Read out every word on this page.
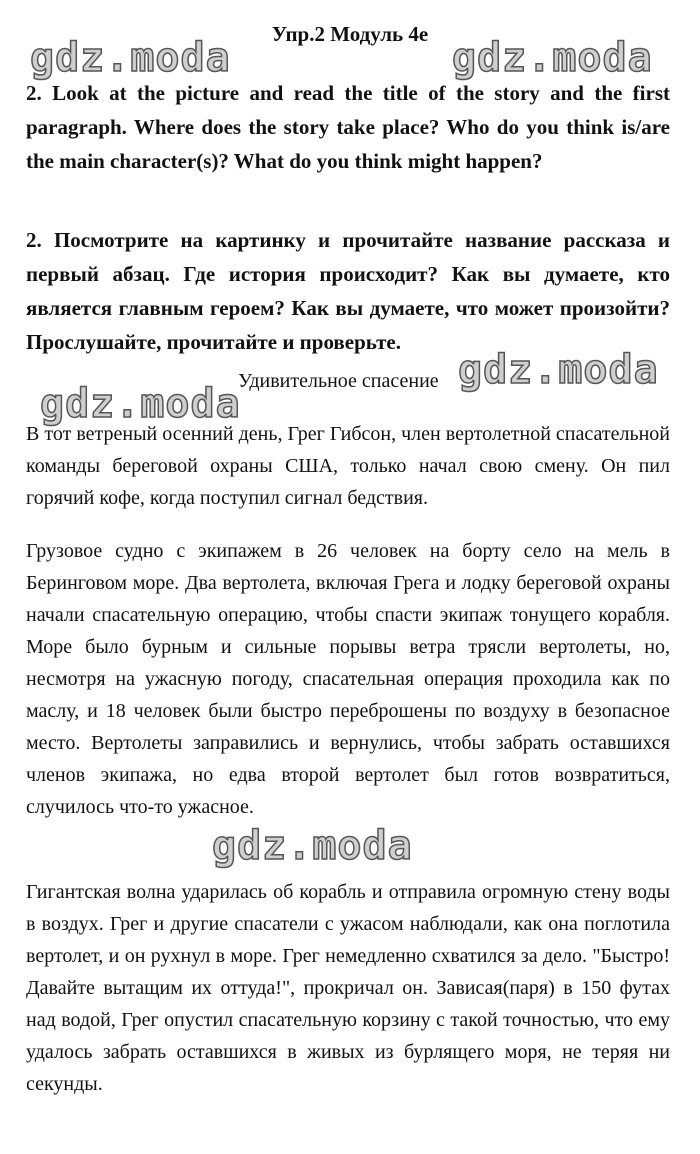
gdz.moda	gdz.moda
gdz.moda
gdz.moda
gdz.moda
Упр.2 Модуль 4е
2. Look at the picture and read the title of the story and the first paragraph. Where does the story take place? Who do you think is/are the main character(s)? What do you think might happen?
2. Посмотрите на картинку и прочитайте название рассказа и первый абзац. Где история происходит? Как вы думаете, кто является главным героем? Как вы думаете, что может произойти? Прослушайте, прочитайте и проверьте.
Удивительное спасение
В тот ветреный осенний день, Грег Гибсон, член вертолетной спасательной команды береговой охраны США, только начал свою смену. Он пил горячий кофе, когда поступил сигнал бедствия.
Грузовое судно с экипажем в 26 человек на борту село на мель в Беринговом море. Два вертолета, включая Грега и лодку береговой охраны начали спасательную операцию, чтобы спасти экипаж тонущего корабля. Море было бурным и сильные порывы ветра трясли вертолеты, но, несмотря на ужасную погоду, спасательная операция проходила как по маслу, и 18 человек были быстро переброшены по воздуху в безопасное место. Вертолеты заправились и вернулись, чтобы забрать оставшихся членов экипажа, но едва второй вертолет был готов возвратиться, случилось что-то ужасное.
Гигантская волна ударилась об корабль и отправила огромную стену воды в воздух. Грег и другие спасатели с ужасом наблюдали, как она поглотила вертолет, и он рухнул в море. Грег немедленно схватился за дело. "Быстро! Давайте вытащим их оттуда!", прокричал он. Зависая(паря) в 150 футах над водой, Грег опустил спасательную корзину с такой точностью, что ему удалось забрать оставшихся в живых из бурлящего моря, не теряя ни секунды.
